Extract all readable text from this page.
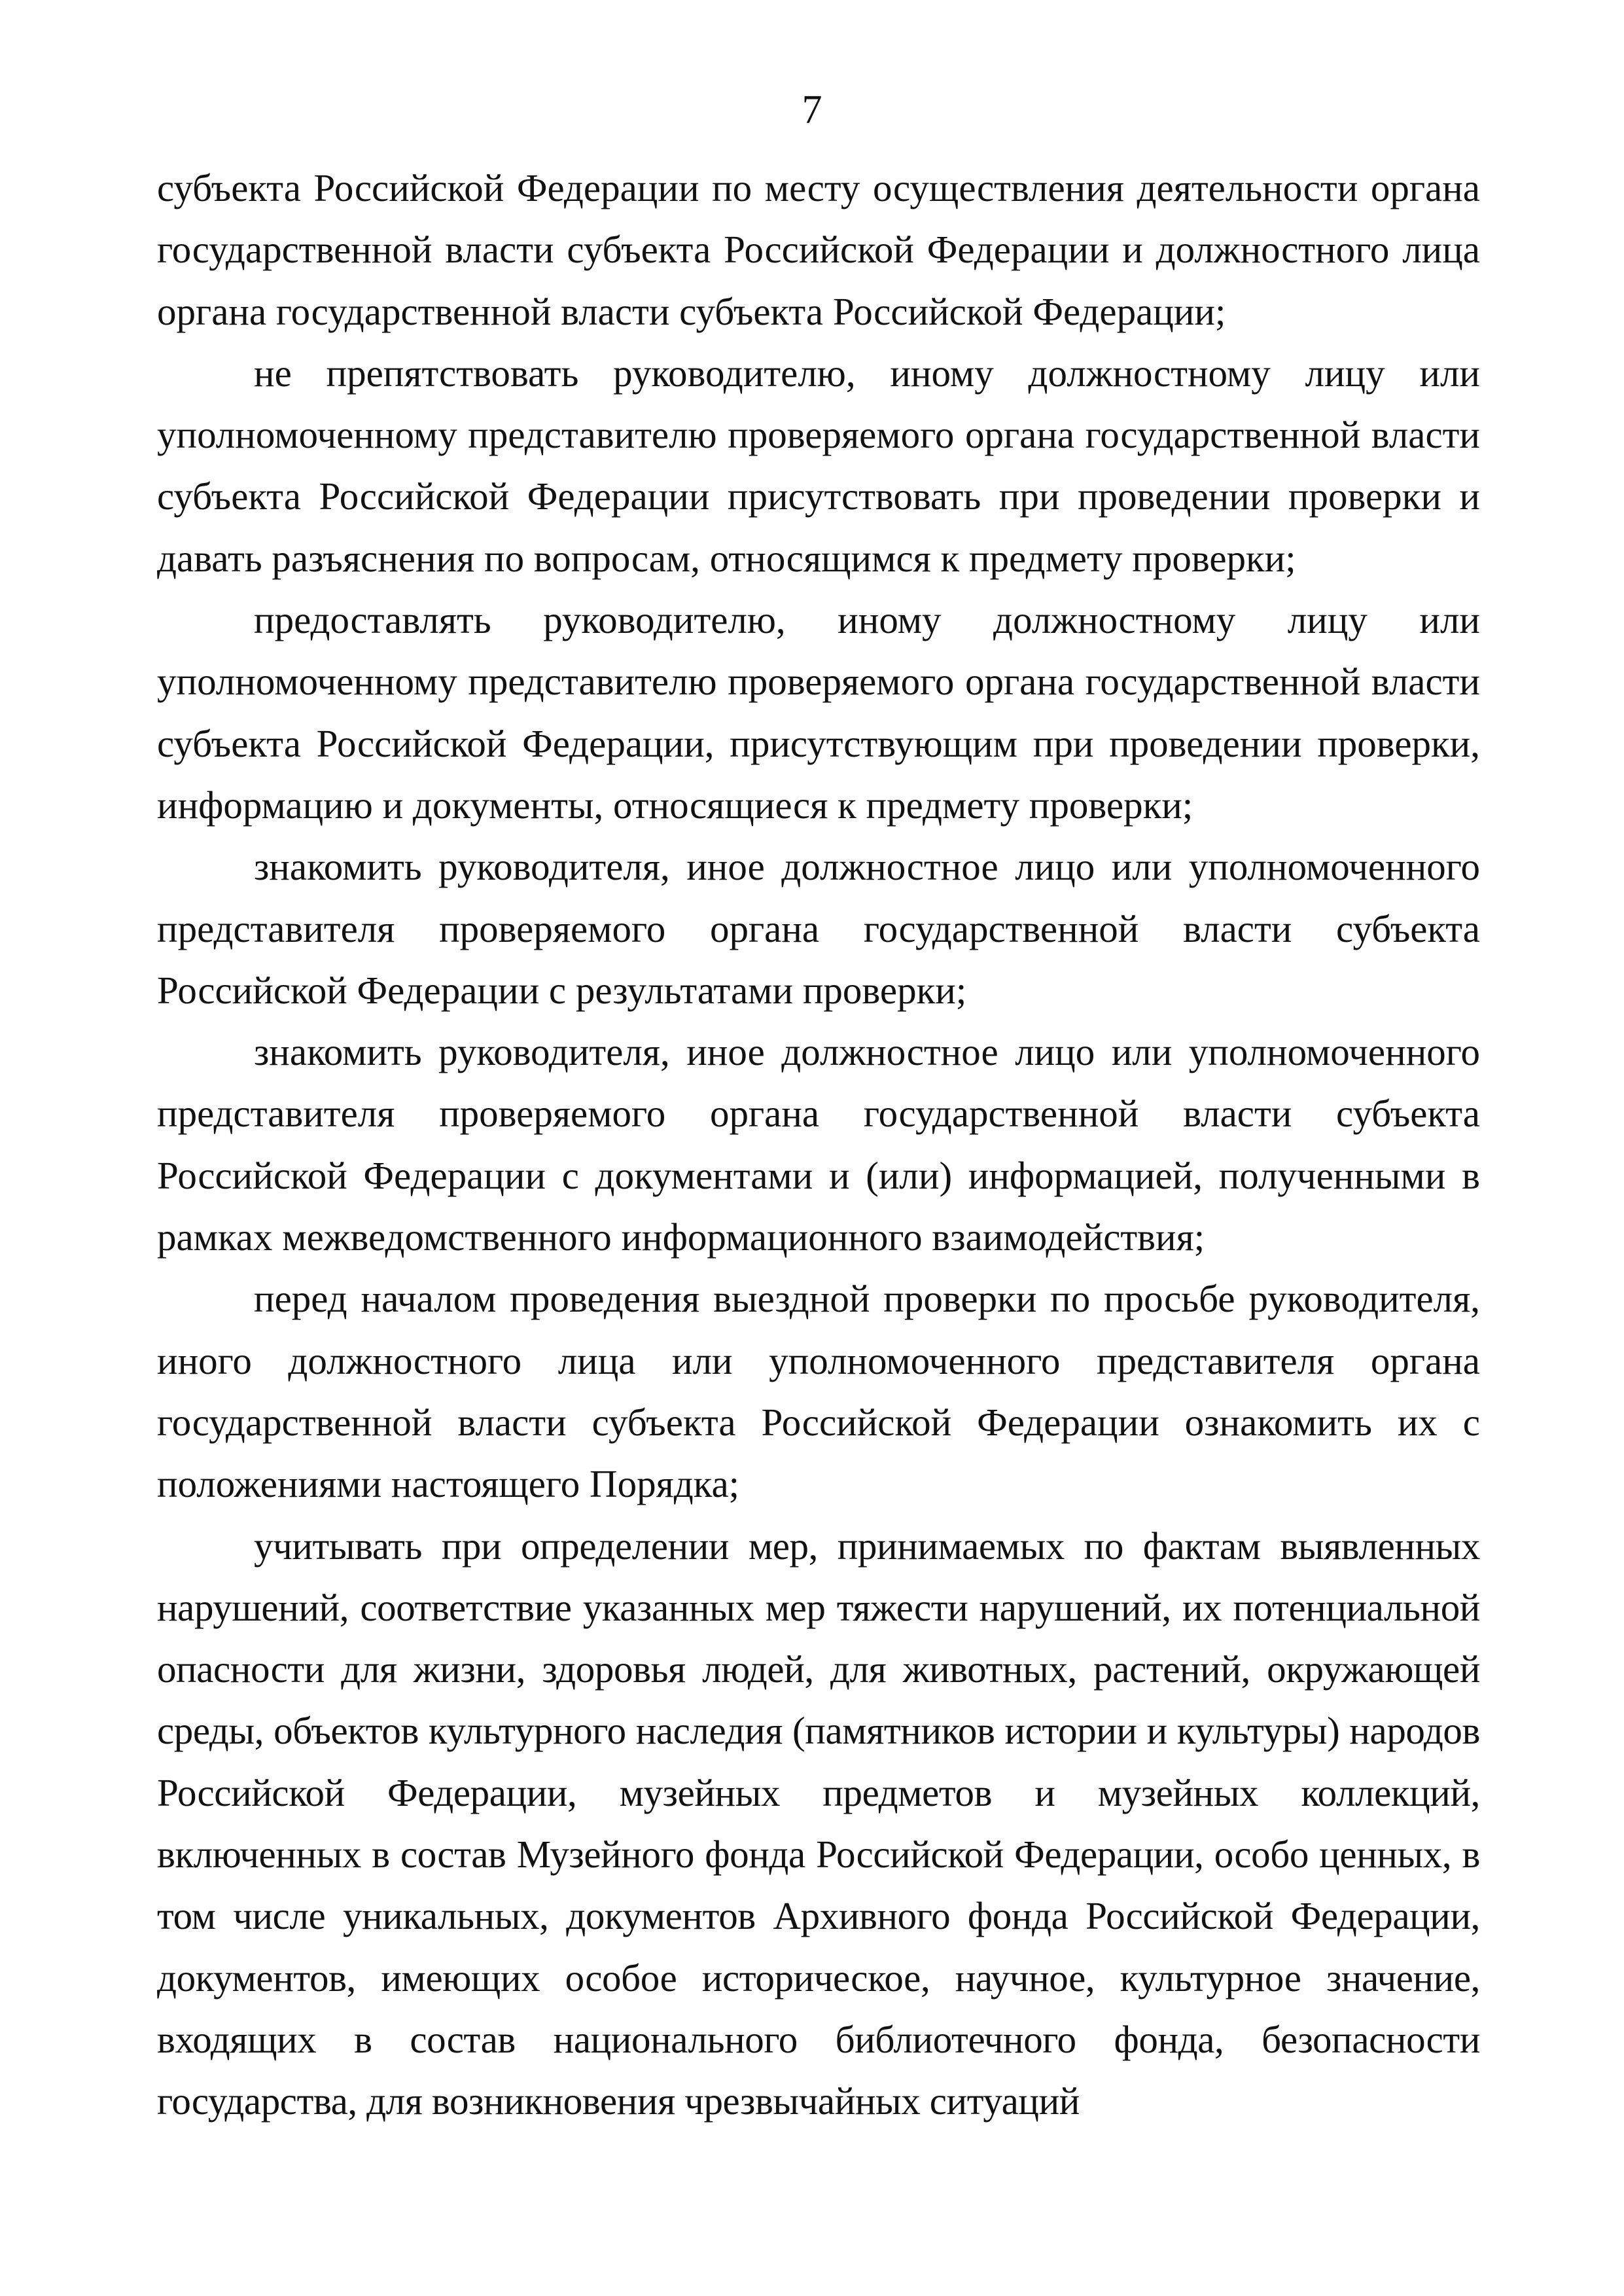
7

субъекта Российской Федерации по месту осуществления деятельности органа государственной власти субъекта Российской Федерации и должностного лица органа государственной власти субъекта Российской Федерации;

не препятствовать руководителю, иному должностному лицу или уполномоченному представителю проверяемого органа государственной власти субъекта Российской Федерации присутствовать при проведении проверки и давать разъяснения по вопросам, относящимся к предмету проверки;

предоставлять руководителю, иному должностному лицу или уполномоченному представителю проверяемого органа государственной власти субъекта Российской Федерации, присутствующим при проведении проверки, информацию и документы, относящиеся к предмету проверки;

знакомить руководителя, иное должностное лицо или уполномоченного представителя проверяемого органа государственной власти субъекта Российской Федерации с результатами проверки;

знакомить руководителя, иное должностное лицо или уполномоченного представителя проверяемого органа государственной власти субъекта Российской Федерации с документами и (или) информацией, полученными в рамках межведомственного информационного взаимодействия;

перед началом проведения выездной проверки по просьбе руководителя, иного должностного лица или уполномоченного представителя органа государственной власти субъекта Российской Федерации ознакомить их с положениями настоящего Порядка;

учитывать при определении мер, принимаемых по фактам выявленных нарушений, соответствие указанных мер тяжести нарушений, их потенциальной опасности для жизни, здоровья людей, для животных, растений, окружающей среды, объектов культурного наследия (памятников истории и культуры) народов Российской Федерации, музейных предметов и музейных коллекций, включенных в состав Музейного фонда Российской Федерации, особо ценных, в том числе уникальных, документов Архивного фонда Российской Федерации, документов, имеющих особое историческое, научное, культурное значение, входящих в состав национального библиотечного фонда, безопасности государства, для возникновения чрезвычайных ситуаций
